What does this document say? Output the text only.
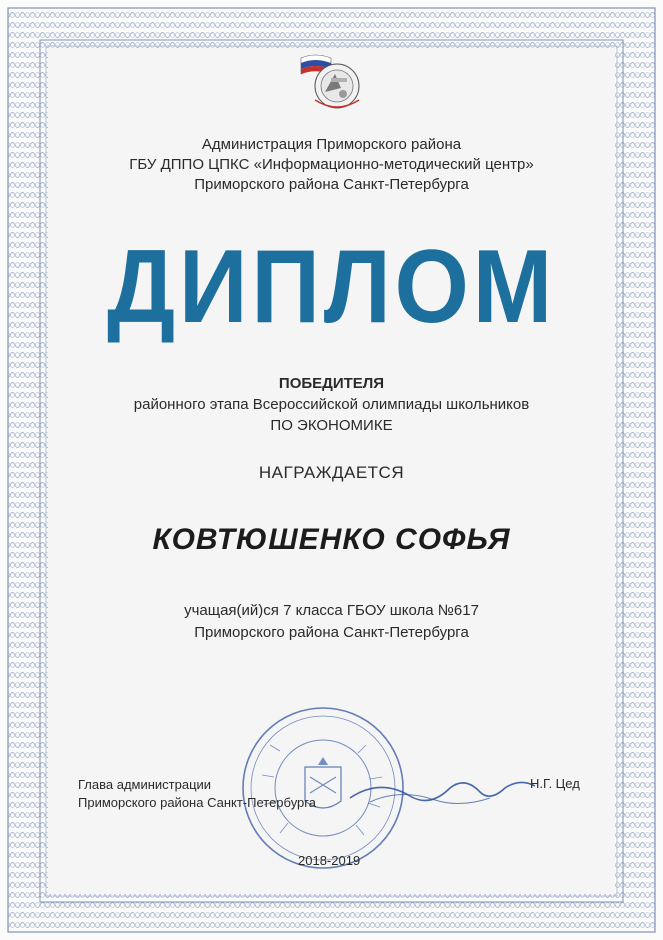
Администрация Приморского района
ГБУ ДППО ЦПКС «Информационно-методический центр»
Приморского района Санкт-Петербурга
ДИПЛОМ
ПОБЕДИТЕЛЯ
районного этапа Всероссийской олимпиады школьников
ПО ЭКОНОМИКЕ
НАГРАЖДАЕТСЯ
КОВТЮШЕНКО СОФЬЯ
учащая(ий)ся 7 класса ГБОУ школа №617
Приморского района Санкт-Петербурга
Глава администрации
Приморского района Санкт-Петербурга
Н.Г. Цед
2018-2019
